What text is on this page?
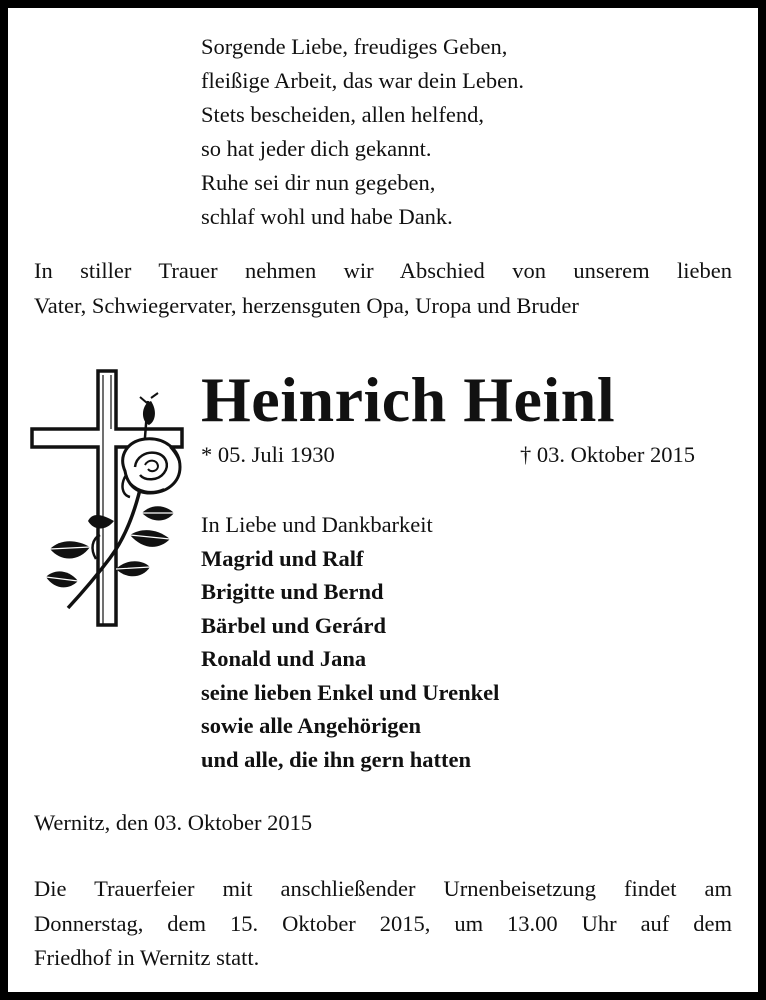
Sorgende Liebe, freudiges Geben,
fleißige Arbeit, das war dein Leben.
Stets bescheiden, allen helfend,
so hat jeder dich gekannt.
Ruhe sei dir nun gegeben,
schlaf wohl und habe Dank.
In stiller Trauer nehmen wir Abschied von unserem lieben
Vater, Schwiegervater, herzensguten Opa, Uropa und Bruder
Heinrich Heinl
* 05. Juli 1930	† 03. Oktober 2015
In Liebe und Dankbarkeit
Magrid und Ralf
Brigitte und Bernd
Bärbel und Gerárd
Ronald und Jana
seine lieben Enkel und Urenkel
sowie alle Angehörigen
und alle, die ihn gern hatten
Wernitz, den 03. Oktober 2015
Die Trauerfeier mit anschließender Urnenbeisetzung findet am
Donnerstag, dem 15. Oktober 2015, um 13.00 Uhr auf dem
Friedhof in Wernitz statt.
